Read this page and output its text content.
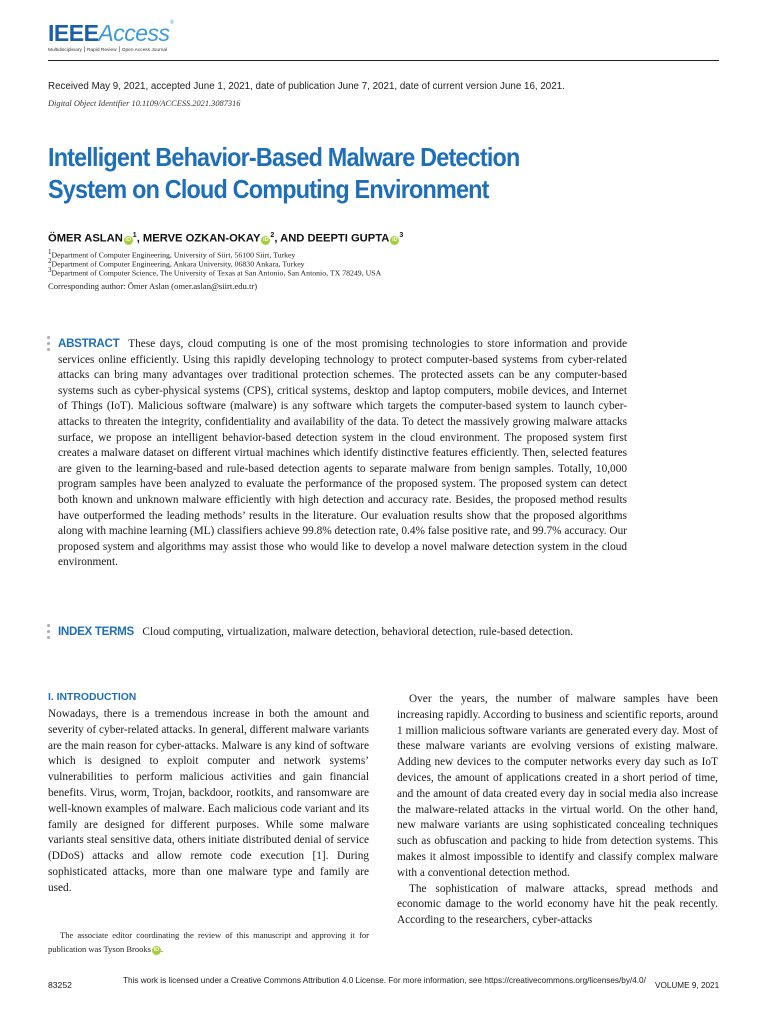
IEEEAccess®
Multidisciplinary ⎮ Rapid Review ⎮ Open Access Journal
Received May 9, 2021, accepted June 1, 2021, date of publication June 7, 2021, date of current version June 16, 2021.
Digital Object Identifier 10.1109/ACCESS.2021.3087316
Intelligent Behavior-Based Malware Detection
System on Cloud Computing Environment
ÖMER ASLAN $iD^1$, MERVE OZKAN-OKAY $iD^2$, AND DEEPTI GUPTA $iD^3$
$^1$Department of Computer Engineering, University of Siirt, 56100 Siirt, Turkey
$^2$Department of Computer Engineering, Ankara University, 06830 Ankara, Turkey
$^3$Department of Computer Science, The University of Texas at San Antonio, San Antonio, TX 78249, USA
Corresponding author: Ömer Aslan (omer.aslan@siirt.edu.tr)
ABSTRACT These days, cloud computing is one of the most promising technologies to store information and provide services online efficiently. Using this rapidly developing technology to protect computer-based systems from cyber-related attacks can bring many advantages over traditional protection schemes. The protected assets can be any computer-based systems such as cyber-physical systems (CPS), critical systems, desktop and laptop computers, mobile devices, and Internet of Things (IoT). Malicious software (malware) is any software which targets the computer-based system to launch cyber-attacks to threaten the integrity, confidentiality and availability of the data. To detect the massively growing malware attacks surface, we propose an intelligent behavior-based detection system in the cloud environment. The proposed system first creates a malware dataset on different virtual machines which identify distinctive features efficiently. Then, selected features are given to the learning-based and rule-based detection agents to separate malware from benign samples. Totally, 10,000 program samples have been analyzed to evaluate the performance of the proposed system. The proposed system can detect both known and unknown malware efficiently with high detection and accuracy rate. Besides, the proposed method results have outperformed the leading methods’ results in the literature. Our evaluation results show that the proposed algorithms along with machine learning (ML) classifiers achieve 99.8% detection rate, 0.4% false positive rate, and 99.7% accuracy. Our proposed system and algorithms may assist those who would like to develop a novel malware detection system in the cloud environment.
INDEX TERMS Cloud computing, virtualization, malware detection, behavioral detection, rule-based detection.
I. INTRODUCTION
Nowadays, there is a tremendous increase in both the amount and severity of cyber-related attacks. In general, different malware variants are the main reason for cyber-attacks. Malware is any kind of software which is designed to exploit computer and network systems’ vulnerabilities to perform malicious activities and gain financial benefits. Virus, worm, Trojan, backdoor, rootkits, and ransomware are well-known examples of malware. Each malicious code variant and its family are designed for different purposes. While some malware variants steal sensitive data, others initiate distributed denial of service (DDoS) attacks and allow remote code execution [1]. During sophisticated attacks, more than one malware type and family are used.

Over the years, the number of malware samples have been increasing rapidly. According to business and scientific reports, around 1 million malicious software variants are generated every day. Most of these malware variants are evolving versions of existing malware. Adding new devices to the computer networks every day such as IoT devices, the amount of applications created in a short period of time, and the amount of data created every day in social media also increase the malware-related attacks in the virtual world. On the other hand, new malware variants are using sophisticated concealing techniques such as obfuscation and packing to hide from detection systems. This makes it almost impossible to identify and classify complex malware with a conventional detection method.

The sophistication of malware attacks, spread methods and economic damage to the world economy have hit the peak recently. According to the researchers, cyber-attacks

The associate editor coordinating the review of this manuscript and approving it for publication was Tyson Brooks iD .
83252	This work is licensed under a Creative Commons Attribution 4.0 License. For more information, see https://creativecommons.org/licenses/by/4.0/
VOLUME 9, 2021
